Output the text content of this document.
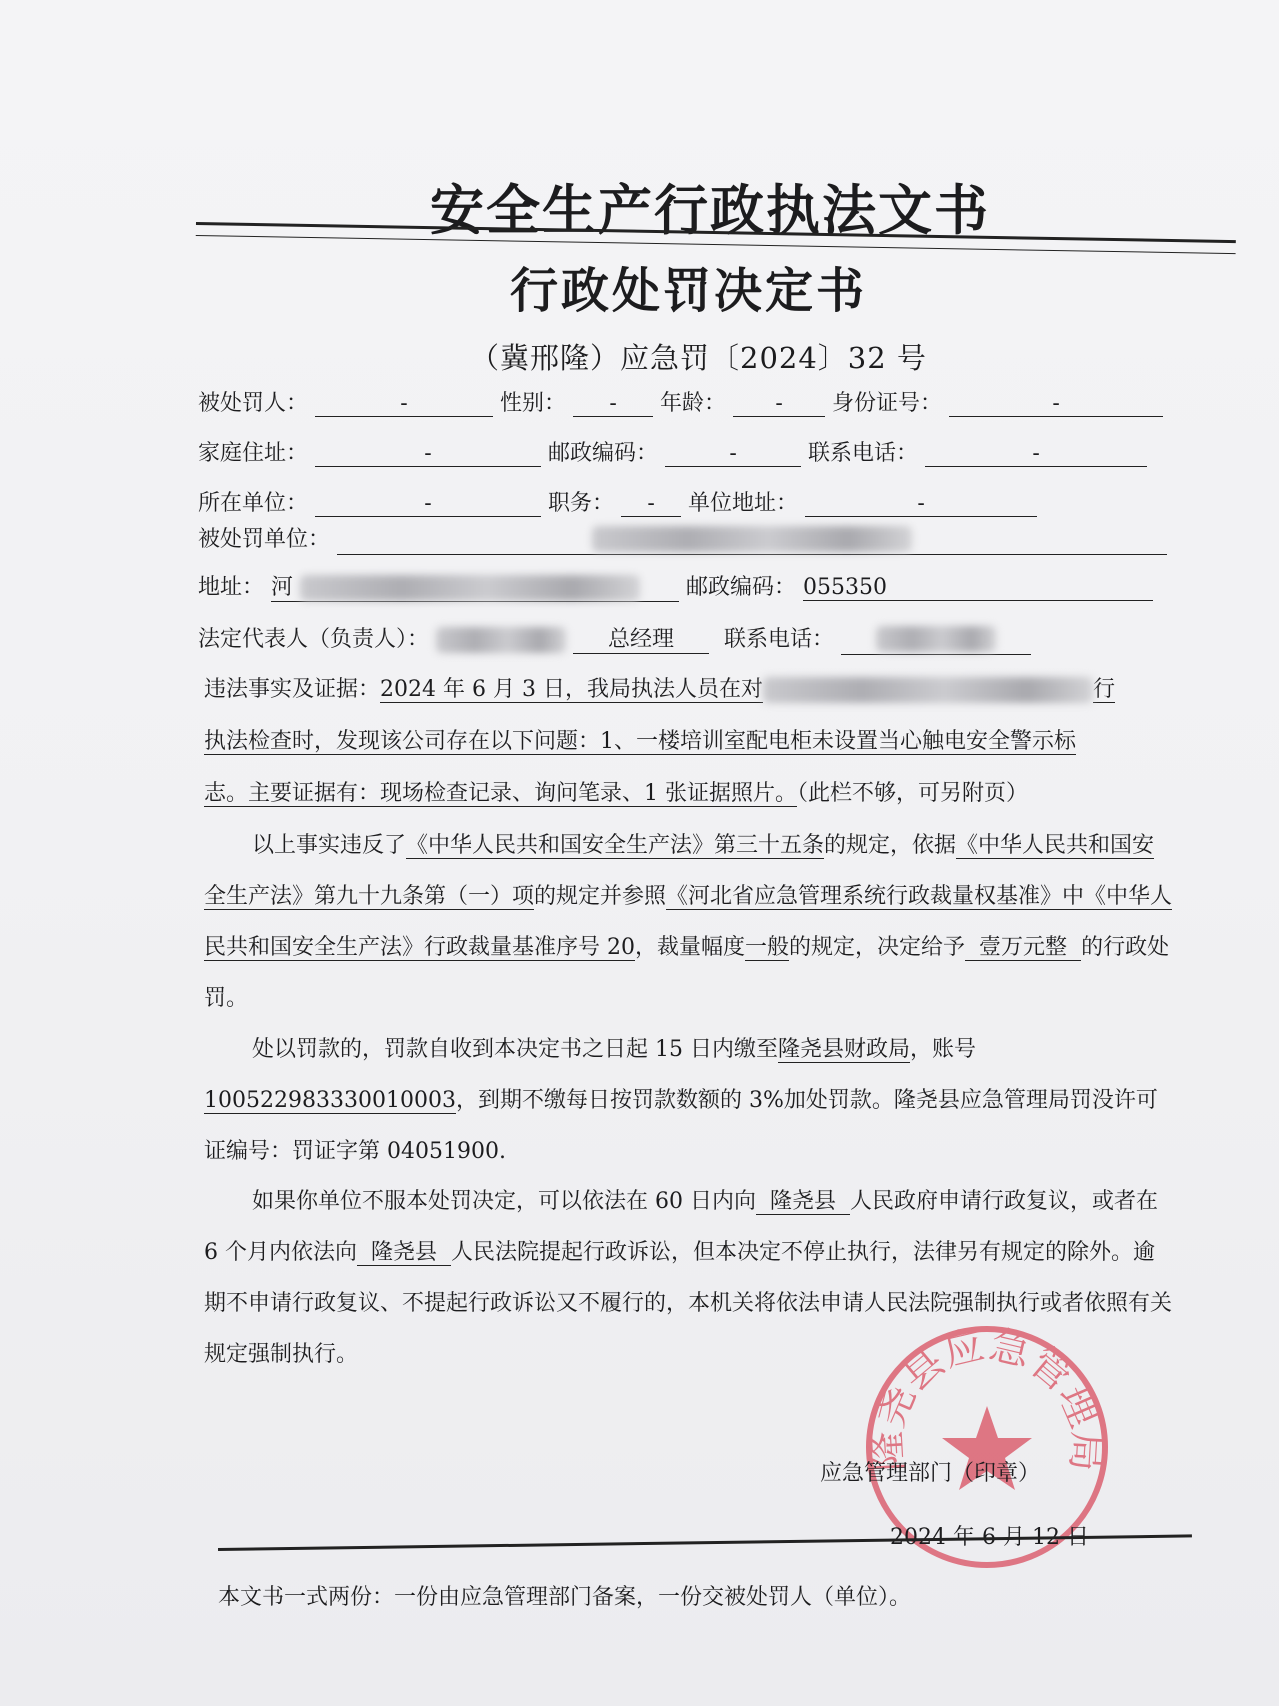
安全生产行政执法文书
行政处罚决定书
（冀邢隆）应急罚〔2024〕32 号
被处罚人：	-	性别： - 年龄： - 身份证号：	-
家庭住址：	-	邮政编码：	-	联系电话：	-
所在单位：	-	职务： - 单位地址：	-
被处罚单位：
地址： 河	邮政编码： 055350
法定代表人（负责人）：	总经理 联系电话：
违法事实及证据：2024 年 6 月 3 日，我局执法人员在对	行
执法检查时，发现该公司存在以下问题：1、一楼培训室配电柜未设置当心触电安全警示标
志。主要证据有：现场检查记录、询问笔录、1 张证据照片。（此栏不够，可另附页）
以上事实违反了《中华人民共和国安全生产法》第三十五条的规定，依据《中华人民共和国安全生产法》第九十九条第（一）项的规定并参照《河北省应急管理系统行政裁量权基准》中《中华人民共和国安全生产法》行政裁量基准序号 20，裁量幅度一般的规定，决定给予 壹万元整 的行政处罚。
处以罚款的，罚款自收到本决定书之日起 15 日内缴至隆尧县财政局，账号100522983330010003，到期不缴每日按罚款数额的 3%加处罚款。隆尧县应急管理局罚没许可证编号：罚证字第 04051900.
如果你单位不服本处罚决定，可以依法在 60 日内向 隆尧县 人民政府申请行政复议，或者在 6 个月内依法向 隆尧县 人民法院提起行政诉讼，但本决定不停止执行，法律另有规定的除外。逾期不申请行政复议、不提起行政诉讼又不履行的，本机关将依法申请人民法院强制执行或者依照有关规定强制执行。
隆尧县应急管理局
应急管理部门（印章）
2024 年 6 月 12 日
本文书一式两份：一份由应急管理部门备案，一份交被处罚人（单位）。
